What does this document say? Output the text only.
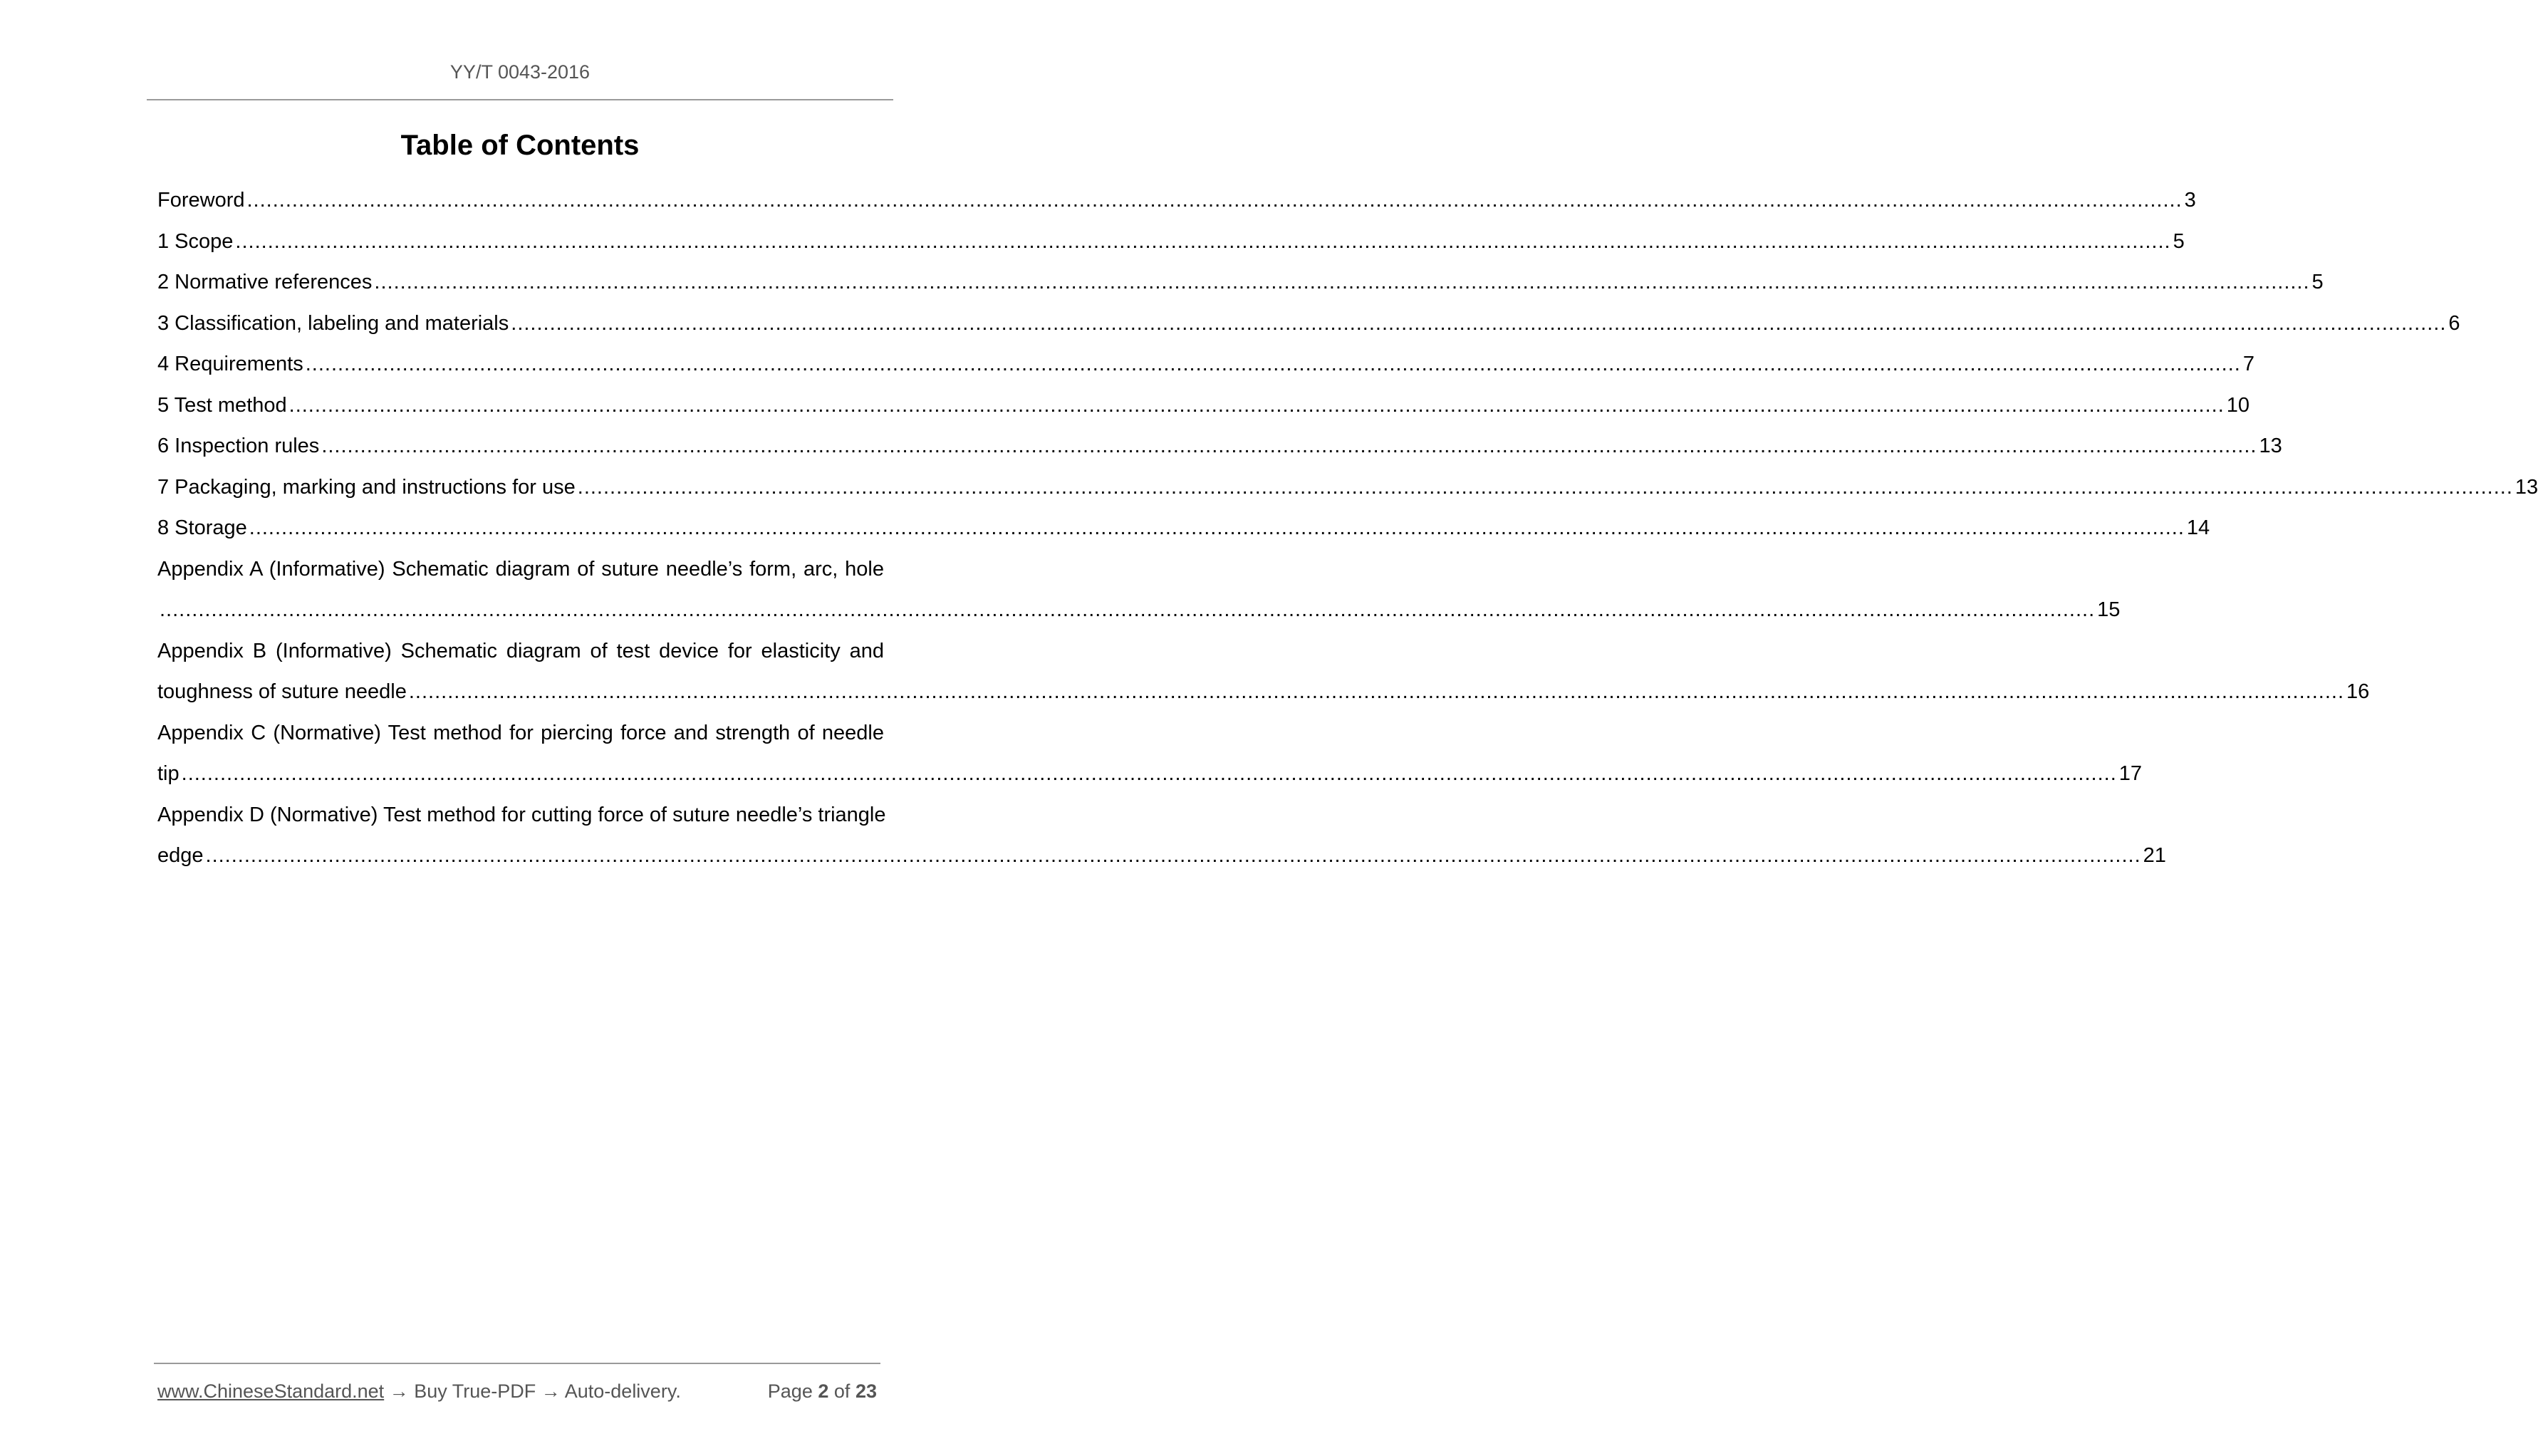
YY/T 0043-2016
Table of Contents
Foreword ............................................................................................................................................................................................................................................................................................................ 3
1 Scope ............................................................................................................................................................................................................................................................................................................ 5
2 Normative references ............................................................................................................................................................................................................................................................................................................ 5
3 Classification, labeling and materials ............................................................................................................................................................................................................................................................................................................ 6
4 Requirements ............................................................................................................................................................................................................................................................................................................ 7
5 Test method ............................................................................................................................................................................................................................................................................................................ 10
6 Inspection rules ............................................................................................................................................................................................................................................................................................................ 13
7 Packaging, marking and instructions for use ............................................................................................................................................................................................................................................................................................................ 13
8 Storage ............................................................................................................................................................................................................................................................................................................ 14
Appendix A (Informative) Schematic diagram of suture needle’s form, arc, hole
............................................................................................................................................................................................................................................................................................................ 15
Appendix B (Informative) Schematic diagram of test device for elasticity and
toughness of suture needle ............................................................................................................................................................................................................................................................................................................ 16
Appendix C (Normative) Test method for piercing force and strength of needle
tip ............................................................................................................................................................................................................................................................................................................ 17
Appendix D (Normative) Test method for cutting force of suture needle’s triangle
edge ............................................................................................................................................................................................................................................................................................................ 21
www.ChineseStandard.net → Buy True-PDF → Auto-delivery.	Page 2 of 23
